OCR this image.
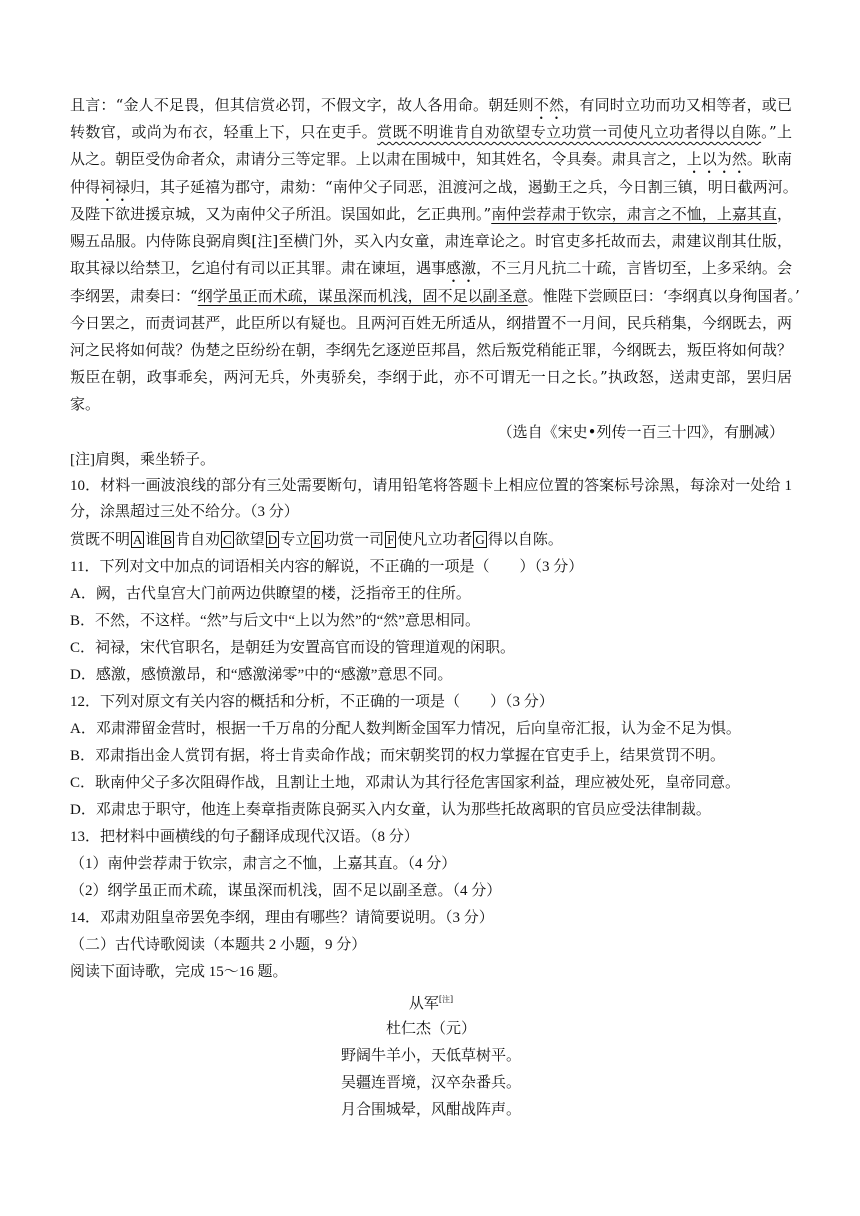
且言：“金人不足畏，但其信赏必罚，不假文字，故人各用命。朝廷则不然，有同时立功而功又相等者，或已
转数官，或尚为布衣，轻重上下，只在吏手。赏既不明谁肯自劝欲望专立功赏一司使凡立功者得以自陈。”上
从之。朝臣受伪命者众，肃请分三等定罪。上以肃在围城中，知其姓名，令具奏。肃具言之，上以为然。耿南
仲得祠禄归，其子延禧为郡守，肃劾：“南仲父子同恶，沮渡河之战，遏勤王之兵，今日割三镇，明日截两河。
及陛下欲进援京城，又为南仲父子所沮。误国如此，乞正典刑。”南仲尝荐肃于钦宗，肃言之不恤，上嘉其直，
赐五品服。内侍陈良弼肩舆[注]至横门外，买入内女童，肃连章论之。时官吏多托故而去，肃建议削其仕版，
取其禄以给禁卫，乞追付有司以正其罪。肃在谏垣，遇事感激，不三月凡抗二十疏，言皆切至，上多采纳。会
李纲罢，肃奏曰：“纲学虽正而术疏，谋虽深而机浅，固不足以副圣意。惟陛下尝顾臣曰：‘李纲真以身徇国者。’
今日罢之，而责词甚严，此臣所以有疑也。且两河百姓无所适从，纲措置不一月间，民兵稍集，今纲既去，两
河之民将如何哉？伪楚之臣纷纷在朝，李纲先乞逐逆臣邦昌，然后叛党稍能正罪，今纲既去，叛臣将如何哉？
叛臣在朝，政事乖矣，两河无兵，外夷骄矣，李纲于此，亦不可谓无一日之长。”执政怒，送肃吏部，罢归居
家。
（选自《宋史•列传一百三十四》，有删减）
[注]肩舆，乘坐轿子。
10．材料一画波浪线的部分有三处需要断句，请用铅笔将答题卡上相应位置的答案标号涂黑，每涂对一处给 1
分，涂黑超过三处不给分。（3 分）
赏既不明 A 谁 B 肯自劝 C 欲望 D 专立 E 功赏一司 F 使凡立功者 G 得以自陈。
11．下列对文中加点的词语相关内容的解说，不正确的一项是（　　）（3 分）
A．阙，古代皇宫大门前两边供瞭望的楼，泛指帝王的住所。
B．不然，不这样。“然”与后文中“上以为然”的“然”意思相同。
C．祠禄，宋代官职名，是朝廷为安置高官而设的管理道观的闲职。
D．感激，感愤激昂，和“感激涕零”中的“感激”意思不同。
12．下列对原文有关内容的概括和分析，不正确的一项是（　　）（3 分）
A．邓肃滞留金营时，根据一千万帛的分配人数判断金国军力情况，后向皇帝汇报，认为金不足为惧。
B．邓肃指出金人赏罚有据，将士肯卖命作战；而宋朝奖罚的权力掌握在官吏手上，结果赏罚不明。
C．耿南仲父子多次阻碍作战，且割让土地，邓肃认为其行径危害国家利益，理应被处死，皇帝同意。
D．邓肃忠于职守，他连上奏章指责陈良弼买入内女童，认为那些托故离职的官员应受法律制裁。
13．把材料中画横线的句子翻译成现代汉语。（8 分）
（1）南仲尝荐肃于钦宗，肃言之不恤，上嘉其直。（4 分）
（2）纲学虽正而术疏，谋虽深而机浅，固不足以副圣意。（4 分）
14．邓肃劝阻皇帝罢免李纲，理由有哪些？请简要说明。（3 分）
（二）古代诗歌阅读（本题共 2 小题，9 分）
阅读下面诗歌，完成 15～16 题。
从军[注]
杜仁杰（元）
野阔牛羊小，天低草树平。
吴疆连晋境，汉卒杂番兵。
月合围城晕，风酣战阵声。
